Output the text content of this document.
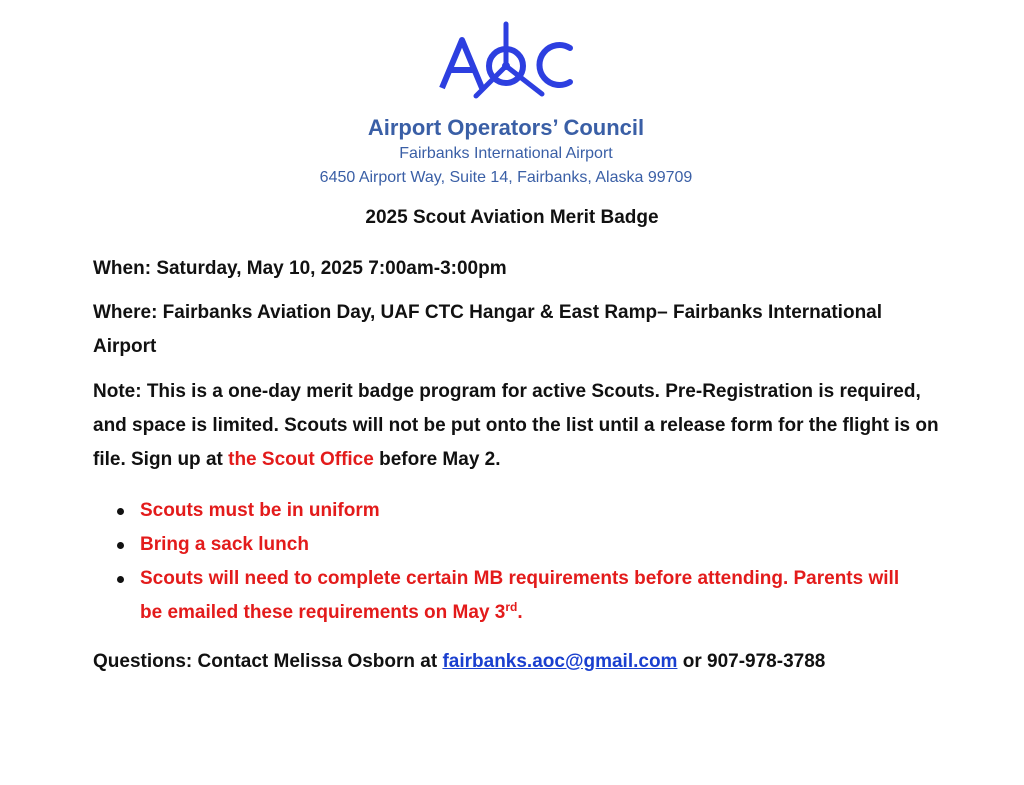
Airport Operators’ Council
Fairbanks International Airport
6450 Airport Way, Suite 14, Fairbanks, Alaska 99709
2025 Scout Aviation Merit Badge
When: Saturday, May 10, 2025 7:00am-3:00pm
Where: Fairbanks Aviation Day, UAF CTC Hangar & East Ramp– Fairbanks International Airport
Note: This is a one-day merit badge program for active Scouts. Pre-Registration is required, and space is limited. Scouts will not be put onto the list until a release form for the flight is on file. Sign up at the Scout Office before May 2.
Scouts must be in uniform
Bring a sack lunch
Scouts will need to complete certain MB requirements before attending. Parents will be emailed these requirements on May 3rd.
Questions: Contact Melissa Osborn at fairbanks.aoc@gmail.com or 907-978-3788
